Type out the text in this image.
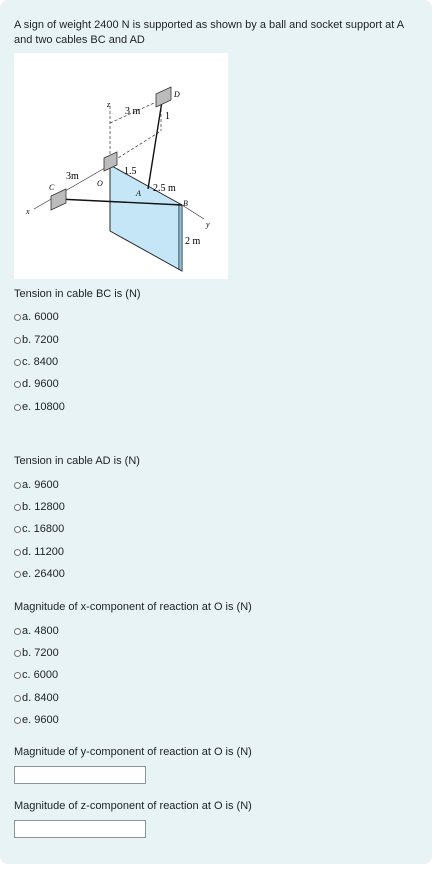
A sign of weight 2400 N is supported as shown by a ball and socket support at A and two cables BC and AD
z
3 m
D
1
3m	1.5
O
C
A 2.5 m
B
y
x
2 m
Tension in cable BC is (N)
a.
6000
b.
7200
c.
8400
d.
9600
e.
10800
Tension in cable AD is (N)
a.
9600
b.
12800
c.
16800
d.
11200
e.
26400
Magnitude of x-component of reaction at O is (N)
a.
4800
b.
7200
c.
6000
d.
8400
e.
9600
Magnitude of y-component of reaction at O is (N)
Magnitude of z-component of reaction at O is (N)
